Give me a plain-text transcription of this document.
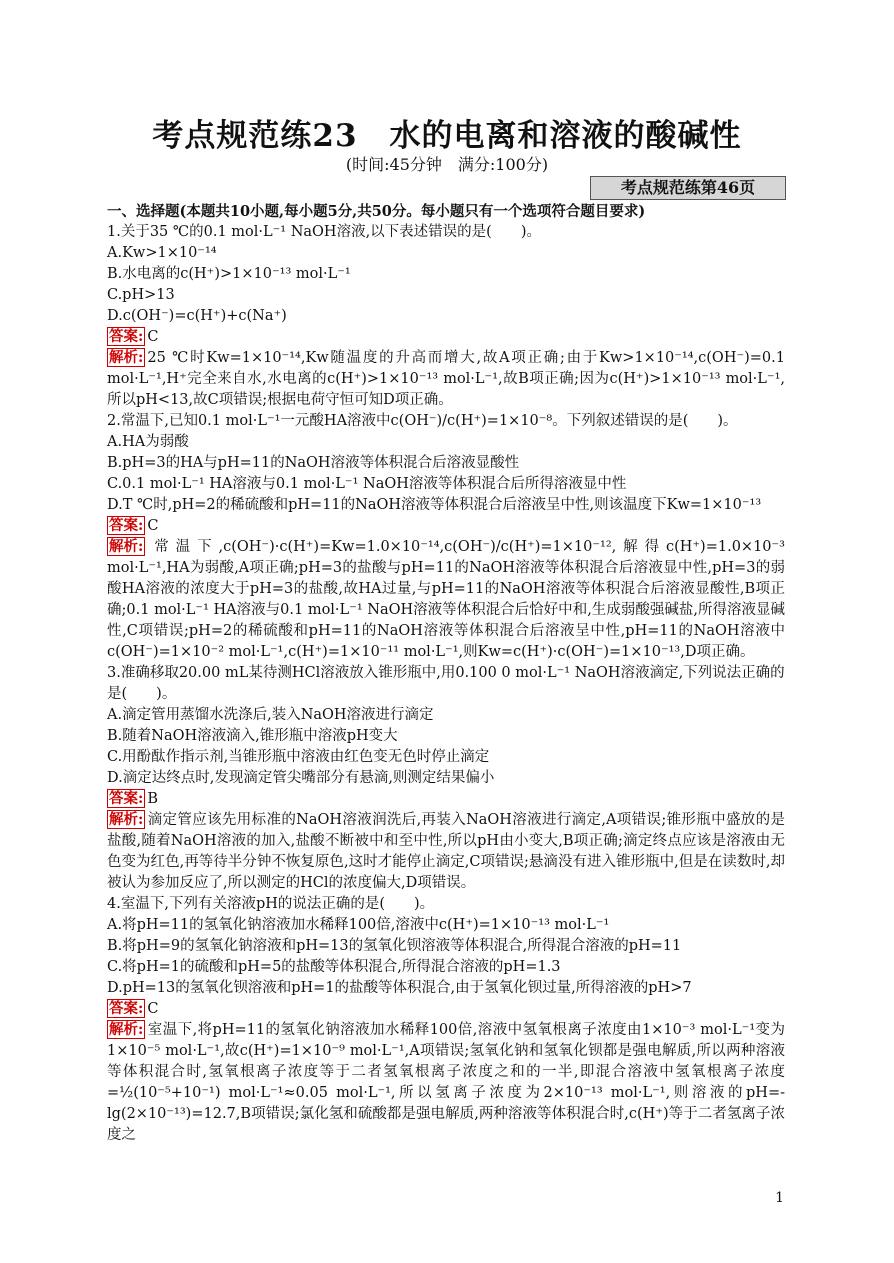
考点规范练23　水的电离和溶液的酸碱性
(时间:45分钟　满分:100分)
考点规范练第46页

一、选择题(本题共10小题,每小题5分,共50分。每小题只有一个选项符合题目要求)

1.关于35 ℃的0.1 mol·L⁻¹ NaOH溶液,以下表述错误的是(　　)。

A.Kw>1×10⁻¹⁴

B.水电离的c(H⁺)>1×10⁻¹³ mol·L⁻¹

C.pH>13

D.c(OH⁻)=c(H⁺)+c(Na⁺)

答案: C

解析: 25 ℃时Kw=1×10⁻¹⁴,Kw随温度的升高而增大,故A项正确;由于Kw>1×10⁻¹⁴,c(OH⁻)=0.1 mol·L⁻¹,H⁺完全来自水,水电离的c(H⁺)>1×10⁻¹³ mol·L⁻¹,故B项正确;因为c(H⁺)>1×10⁻¹³ mol·L⁻¹,所以pH<13,故C项错误;根据电荷守恒可知D项正确。

2.常温下,已知0.1 mol·L⁻¹一元酸HA溶液中c(OH⁻)/c(H⁺)=1×10⁻⁸。下列叙述错误的是(　　)。

A.HA为弱酸

B.pH=3的HA与pH=11的NaOH溶液等体积混合后溶液显酸性

C.0.1 mol·L⁻¹ HA溶液与0.1 mol·L⁻¹ NaOH溶液等体积混合后所得溶液显中性

D.T ℃时,pH=2的稀硫酸和pH=11的NaOH溶液等体积混合后溶液呈中性,则该温度下Kw=1×10⁻¹³

答案: C

解析: 常温下,c(OH⁻)·c(H⁺)=Kw=1.0×10⁻¹⁴,c(OH⁻)/c(H⁺)=1×10⁻¹²,解得c(H⁺)=1.0×10⁻³ mol·L⁻¹,HA为弱酸,A项正确;pH=3的盐酸与pH=11的NaOH溶液等体积混合后溶液显中性,pH=3的弱酸HA溶液的浓度大于pH=3的盐酸,故HA过量,与pH=11的NaOH溶液等体积混合后溶液显酸性,B项正确;0.1 mol·L⁻¹ HA溶液与0.1 mol·L⁻¹ NaOH溶液等体积混合后恰好中和,生成弱酸强碱盐,所得溶液显碱性,C项错误;pH=2的稀硫酸和pH=11的NaOH溶液等体积混合后溶液呈中性,pH=11的NaOH溶液中c(OH⁻)=1×10⁻² mol·L⁻¹,c(H⁺)=1×10⁻¹¹ mol·L⁻¹,则Kw=c(H⁺)·c(OH⁻)=1×10⁻¹³,D项正确。

3.准确移取20.00 mL某待测HCl溶液放入锥形瓶中,用0.100 0 mol·L⁻¹ NaOH溶液滴定,下列说法正确的是(　　)。

A.滴定管用蒸馏水洗涤后,装入NaOH溶液进行滴定

B.随着NaOH溶液滴入,锥形瓶中溶液pH变大

C.用酚酞作指示剂,当锥形瓶中溶液由红色变无色时停止滴定

D.滴定达终点时,发现滴定管尖嘴部分有悬滴,则测定结果偏小

答案: B

解析: 滴定管应该先用标准的NaOH溶液润洗后,再装入NaOH溶液进行滴定,A项错误;锥形瓶中盛放的是盐酸,随着NaOH溶液的加入,盐酸不断被中和至中性,所以pH由小变大,B项正确;滴定终点应该是溶液由无色变为红色,再等待半分钟不恢复原色,这时才能停止滴定,C项错误;悬滴没有进入锥形瓶中,但是在读数时,却被认为参加反应了,所以测定的HCl的浓度偏大,D项错误。

4.室温下,下列有关溶液pH的说法正确的是(　　)。

A.将pH=11的氢氧化钠溶液加水稀释100倍,溶液中c(H⁺)=1×10⁻¹³ mol·L⁻¹

B.将pH=9的氢氧化钠溶液和pH=13的氢氧化钡溶液等体积混合,所得混合溶液的pH=11

C.将pH=1的硫酸和pH=5的盐酸等体积混合,所得混合溶液的pH=1.3

D.pH=13的氢氧化钡溶液和pH=1的盐酸等体积混合,由于氢氧化钡过量,所得溶液的pH>7

答案: C

解析: 室温下,将pH=11的氢氧化钠溶液加水稀释100倍,溶液中氢氧根离子浓度由1×10⁻³ mol·L⁻¹变为1×10⁻⁵ mol·L⁻¹,故c(H⁺)=1×10⁻⁹ mol·L⁻¹,A项错误;氢氧化钠和氢氧化钡都是强电解质,所以两种溶液等体积混合时,氢氧根离子浓度等于二者氢氧根离子浓度之和的一半,即混合溶液中氢氧根离子浓度=½(10⁻⁵+10⁻¹) mol·L⁻¹≈0.05 mol·L⁻¹,所以氢离子浓度为2×10⁻¹³ mol·L⁻¹,则溶液的pH=-lg(2×10⁻¹³)=12.7,B项错误;氯化氢和硫酸都是强电解质,两种溶液等体积混合时,c(H⁺)等于二者氢离子浓度之

1
